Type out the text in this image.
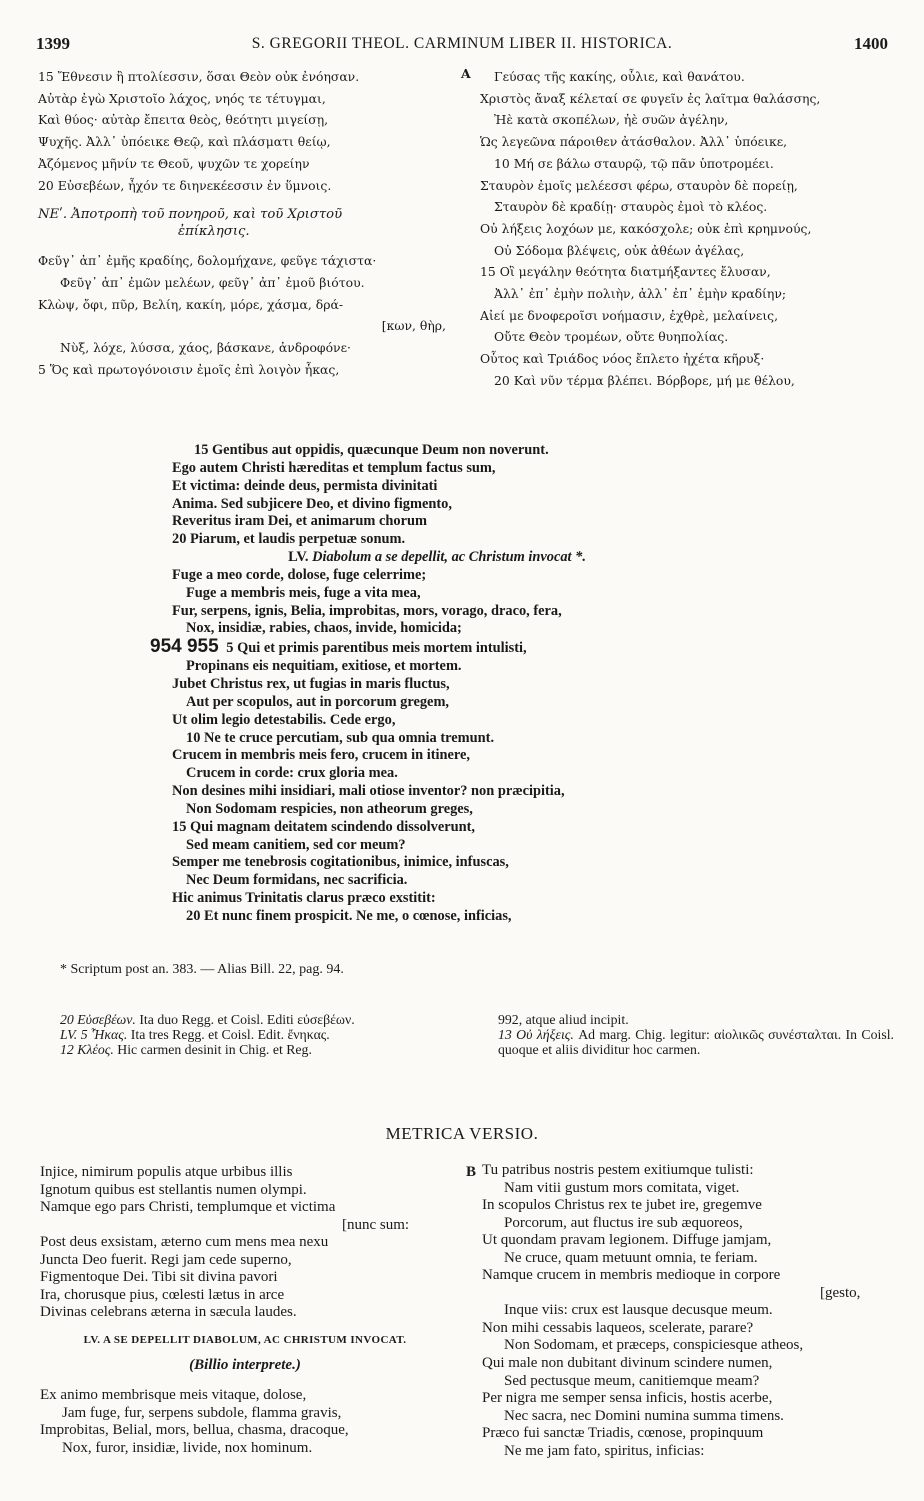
1399	S. GREGORII THEOL. CARMINUM LIBER II. HISTORICA.	1400
15 Ἔθνεσιν ἢ πτολίεσσιν, ὅσαι Θεὸν οὐκ ἐνόησαν.
Αὐτὰρ ἐγὼ Χριστοῖο λάχος, νηός τε τέτυγμαι,
Καὶ θύος· αὐτὰρ ἔπειτα θεὸς, θεότητι μιγείσῃ,
Ψυχῆς. Ἀλλ᾽ ὑπόεικε Θεῷ, καὶ πλάσματι θείῳ,
Ἀζόμενος μῆνίν τε Θεοῦ, ψυχῶν τε χορείην
20 Εὐσεβέων, ἦχόν τε διηνεκέεσσιν ἐν ὕμνοις.
ΝΕʹ. Ἀποτροπὴ τοῦ πονηροῦ, καὶ τοῦ Χριστοῦ
ἐπίκλησις.
Φεῦγ᾽ ἀπ᾽ ἐμῆς κραδίης, δολομήχανε, φεῦγε τάχιστα·
Φεῦγ᾽ ἀπ᾽ ἐμῶν μελέων, φεῦγ᾽ ἀπ᾽ ἐμοῦ βιότου.
Κλὼψ, ὄφι, πῦρ, Βελίη, κακίη, μόρε, χάσμα, δρά-
[κων, θὴρ,
Νὺξ, λόχε, λύσσα, χάος, βάσκανε, ἀνδροφόνε·
5 Ὅς καὶ πρωτογόνοισιν ἐμοῖς ἐπὶ λοιγὸν ἧκας,
A	Γεύσας τῆς κακίης, οὖλιε, καὶ θανάτου.
Χριστὸς ἄναξ κέλεταί σε φυγεῖν ἐς λαῖτμα θαλάσσης,
Ἠὲ κατὰ σκοπέλων, ἠὲ συῶν ἀγέλην,
Ὡς λεγεῶνα πάροιθεν ἀτάσθαλον. Ἀλλ᾽ ὑπόεικε,
10 Μή σε βάλω σταυρῷ, τῷ πᾶν ὑποτρομέει.
Σταυρὸν ἐμοῖς μελέεσσι φέρω, σταυρὸν δὲ πορείῃ,
Σταυρὸν δὲ κραδίῃ· σταυρὸς ἐμοὶ τὸ κλέος.
Οὐ λήξεις λοχόων με, κακόσχολε; οὐκ ἐπὶ κρημνούς,
Οὐ Σόδομα βλέψεις, οὐκ ἀθέων ἀγέλας,
15 Οἳ μεγάλην θεότητα διατμήξαντες ἔλυσαν,
Ἀλλ᾽ ἐπ᾽ ἐμὴν πολιὴν, ἀλλ᾽ ἐπ᾽ ἐμὴν κραδίην;
Αἰεί με δνοφεροῖσι νοήμασιν, ἐχθρὲ, μελαίνεις,
Οὔτε Θεὸν τρομέων, οὔτε θυηπολίας.
Οὗτος καὶ Τριάδος νόος ἔπλετο ἠχέτα κῆρυξ·
20 Καὶ νῦν τέρμα βλέπει. Βόρβορε, μή με θέλου,
15 Gentibus aut oppidis, quæcunque Deum non noverunt.
Ego autem Christi hæreditas et templum factus sum,
Et victima: deinde deus, permista divinitati
Anima. Sed subjicere Deo, et divino figmento,
Reveritus iram Dei, et animarum chorum
20 Piarum, et laudis perpetuæ sonum.
LV. Diabolum a se depellit, ac Christum invocat *.
Fuge a meo corde, dolose, fuge celerrime;
Fuge a membris meis, fuge a vita mea,
Fur, serpens, ignis, Belia, improbitas, mors, vorago, draco, fera,
Nox, insidiæ, rabies, chaos, invide, homicida;
954 955 5 Qui et primis parentibus meis mortem intulisti,
Propinans eis nequitiam, exitiose, et mortem.
Jubet Christus rex, ut fugias in maris fluctus,
Aut per scopulos, aut in porcorum gregem,
Ut olim legio detestabilis. Cede ergo,
10 Ne te cruce percutiam, sub qua omnia tremunt.
Crucem in membris meis fero, crucem in itinere,
Crucem in corde: crux gloria mea.
Non desines mihi insidiari, mali otiose inventor? non præcipitia,
Non Sodomam respicies, non atheorum greges,
15 Qui magnam deitatem scindendo dissolverunt,
Sed meam canitiem, sed cor meum?
Semper me tenebrosis cogitationibus, inimice, infuscas,
Nec Deum formidans, nec sacrificia.
Hic animus Trinitatis clarus præco exstitit:
20 Et nunc finem prospicit. Ne me, o cœnose, inficias,
* Scriptum post an. 383. — Alias Bill. 22, pag. 94.
20 Εὐσεβέων. Ita duo Regg. et Coisl. Editi εὐσεβέων.
LV. 5 Ἧκας. Ita tres Regg. et Coisl. Edit. ἔνηκας.
12 Κλέος. Hic carmen desinit in Chig. et Reg.
992, atque aliud incipit.
13 Οὐ λήξεις. Ad marg. Chig. legitur: αἰολικῶς συνέσταλται. In Coisl. quoque et aliis dividitur hoc carmen.
METRICA VERSIO.
Injice, nimirum populis atque urbibus illis
Ignotum quibus est stellantis numen olympi.
Namque ego pars Christi, templumque et victima
[nunc sum:
Post deus exsistam, æterno cum mens mea nexu
Juncta Deo fuerit. Regi jam cede superno,
Figmentoque Dei. Tibi sit divina pavori
Ira, chorusque pius, cœlesti lætus in arce
Divinas celebrans æterna in sæcula laudes.
LV. A SE DEPELLIT DIABOLUM, AC CHRISTUM INVOCAT.
(Billio interprete.)
Ex animo membrisque meis vitaque, dolose,
Jam fuge, fur, serpens subdole, flamma gravis,
Improbitas, Belial, mors, bellua, chasma, dracoque,
Nox, furor, insidiæ, livide, nox hominum.
B Tu patribus nostris pestem exitiumque tulisti:
Nam vitii gustum mors comitata, viget.
In scopulos Christus rex te jubet ire, gregemve
Porcorum, aut fluctus ire sub æquoreos,
Ut quondam pravam legionem. Diffuge jamjam,
Ne cruce, quam metuunt omnia, te feriam.
Namque crucem in membris medioque in corpore
[gesto,
Inque viis: crux est lausque decusque meum.
Non mihi cessabis laqueos, scelerate, parare?
Non Sodomam, et præceps, conspiciesque atheos,
Qui male non dubitant divinum scindere numen,
Sed pectusque meum, canitiemque meam?
Per nigra me semper sensa inficis, hostis acerbe,
Nec sacra, nec Domini numina summa timens.
Præco fui sanctæ Triadis, cœnose, propinquum
Ne me jam fato, spiritus, inficias:
